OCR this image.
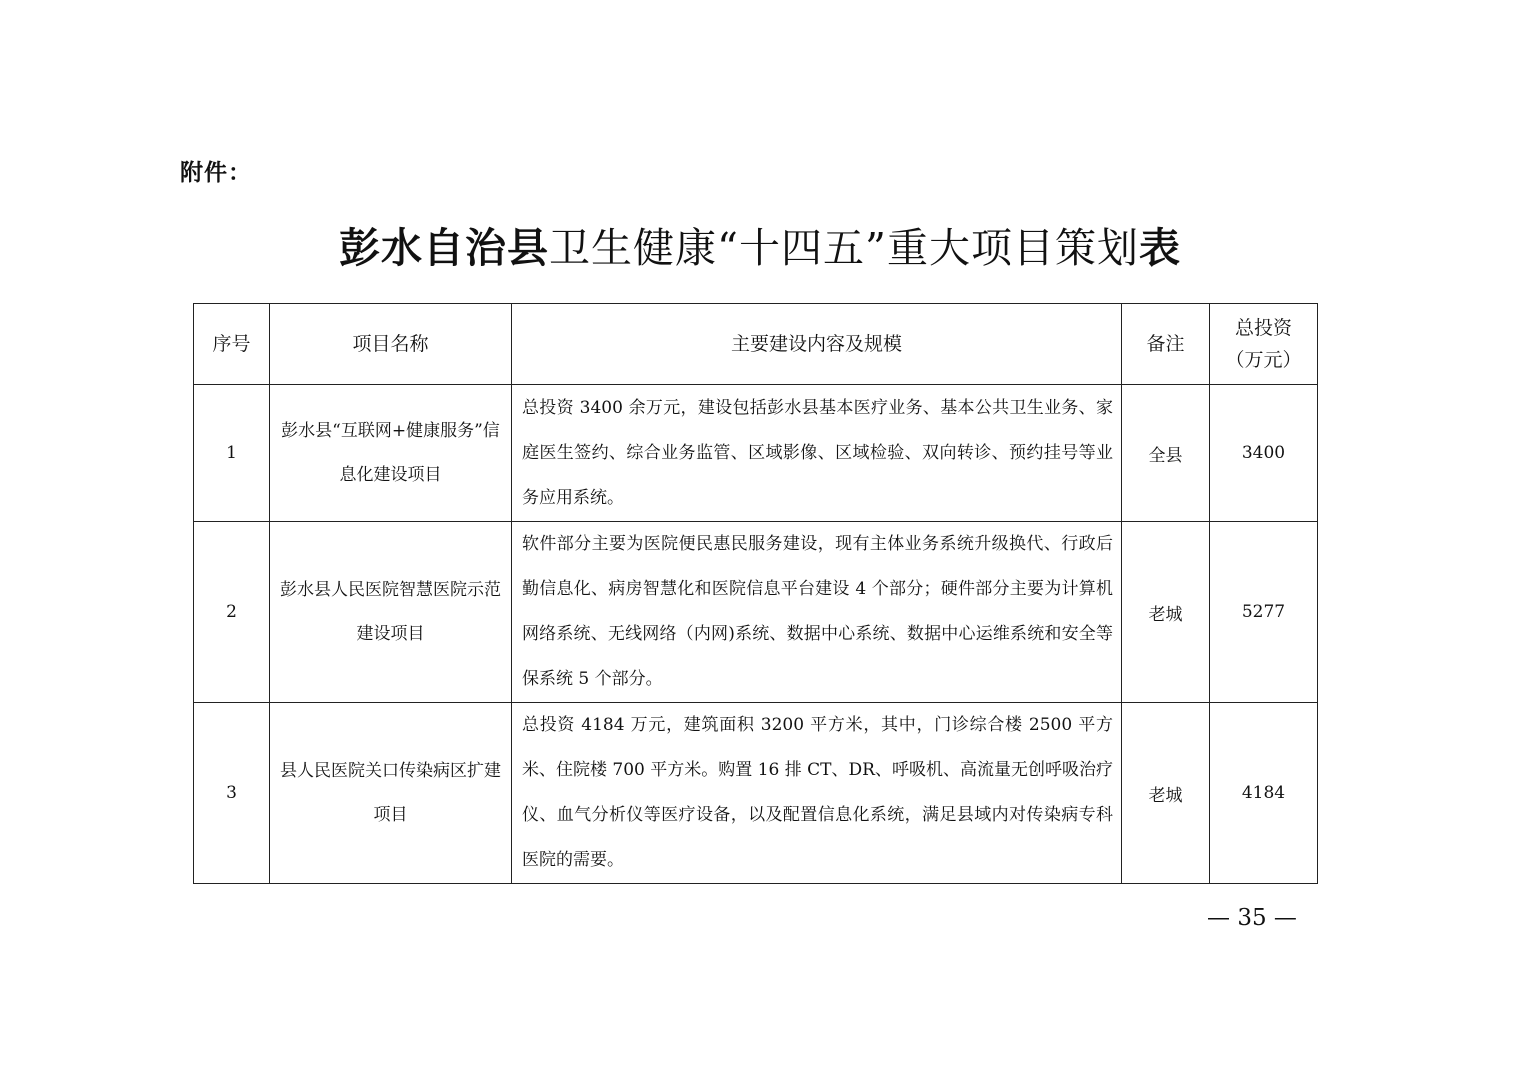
附件：
彭水自治县卫生健康“十四五”重大项目策划表
序号	项目名称	主要建设内容及规模	备注	总投资
（万元）

1	彭水县“互联网+健康服务”信息化建设项目	总投资 3400 余万元，建设包括彭水县基本医疗业务、基本公共卫生业务、家庭医生签约、综合业务监管、区域影像、区域检验、双向转诊、预约挂号等业务应用系统。	全县	3400
2	彭水县人民医院智慧医院示范建设项目	软件部分主要为医院便民惠民服务建设，现有主体业务系统升级换代、行政后勤信息化、病房智慧化和医院信息平台建设 4 个部分；硬件部分主要为计算机网络系统、无线网络（内网)系统、数据中心系统、数据中心运维系统和安全等保系统 5 个部分。	老城	5277
3	县人民医院关口传染病区扩建项目	总投资 4184 万元，建筑面积 3200 平方米，其中，门诊综合楼 2500 平方米、住院楼 700 平方米。购置 16 排 CT、DR、呼吸机、高流量无创呼吸治疗仪、血气分析仪等医疗设备，以及配置信息化系统，满足县域内对传染病专科医院的需要。	老城	4184
— 35 —
